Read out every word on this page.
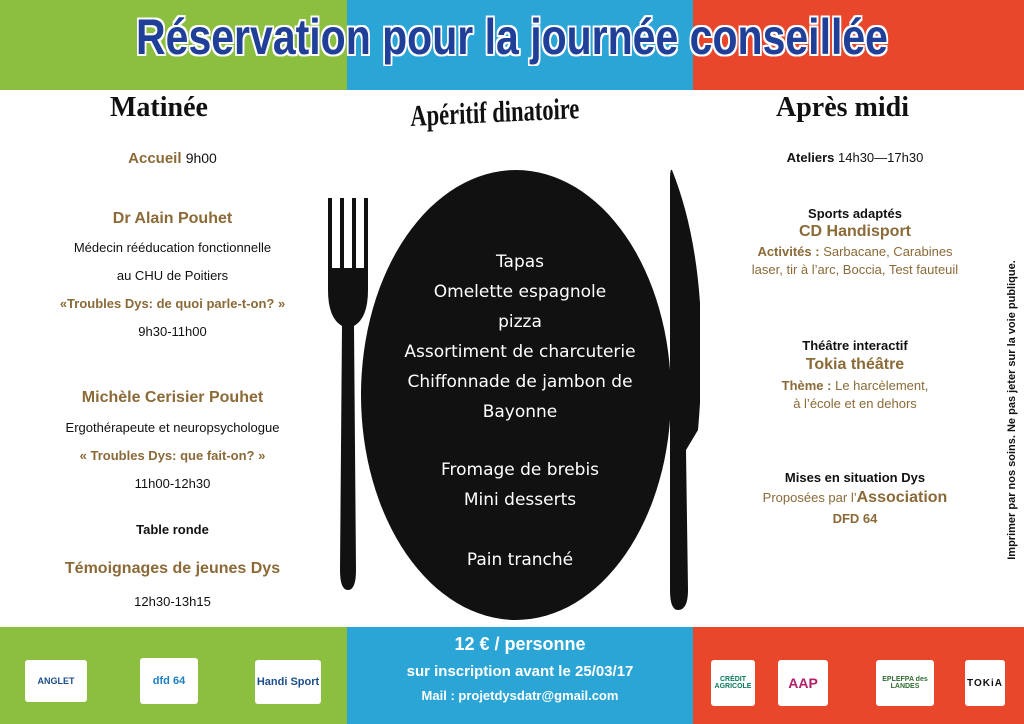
Réservation pour la journée conseillée
Matinée	Apéritif dinatoire	Après midi
Tapas
Omelette espagnole
pizza
Assortiment de charcuterie
Chiffonnade de jambon de
Bayonne
Fromage de brebis
Mini desserts
Pain tranché
Accueil 9h00
Dr Alain Pouhet
Médecin rééducation fonctionnelle
au CHU de Poitiers
«Troubles Dys: de quoi parle-t-on? »
9h30-11h00
Michèle Cerisier Pouhet
Ergothérapeute et neuropsychologue
« Troubles Dys: que fait-on? »
11h00-12h30
Table ronde
Témoignages de jeunes Dys
12h30-13h15
Ateliers 14h30—17h30
Sports adaptés
CD Handisport
Activités : Sarbacane, Carabines
laser, tir à l’arc, Boccia, Test fauteuil
Théâtre interactif
Tokia théâtre
Thème : Le harcèlement,
à l’école et en dehors
Mises en situation Dys
Proposées par l’Association
DFD 64	Imprimer par nos soins. Ne pas jeter sur la voie publique.
12 € / personne
sur inscription avant le 25/03/17
Mail : projetdysdatr@gmail.com
ANGLET	dfd 64	Handi Sport	CRÉDIT AGRICOLE	AAP	EPLEFPA des LANDES	TOKiA
